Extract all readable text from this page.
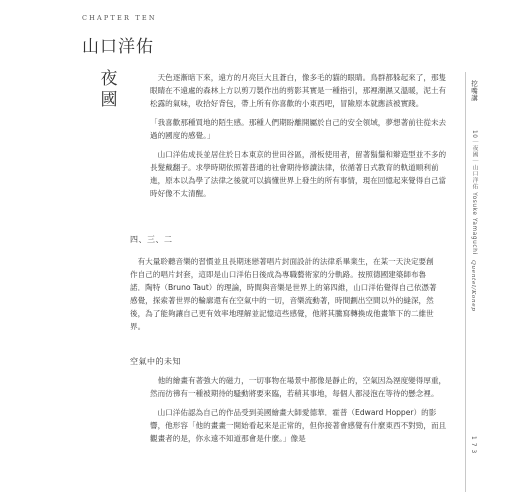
CHAPTER TEN
山口洋佑
夜國

天色逐漸暗下來，遠方的月亮巨大且蒼白，像多毛的貓的眼睛。鳥群都躲起來了，那隻眼睛在不遠處的森林上方以剪刀製作出的剪影其實是一種指引，那裡潮濕又溫暖，泥土有松露的氣味，收拾好背包，帶上所有你喜歡的小東西吧，冒險原本就應該被實踐。

「我喜歡那種買地的陌生感。那種人們期盼離開屬於自己的安全領域，夢想著前往從未去過的國度的感覺。」

山口洋佑成長並居住於日本東京的世田谷區，滑板使用者，留著鬍鬚和辮造型並不多的長髮戴翻子。求學時期依照著普通的社會期待修讀法律，依循著日式教育的軌道順利前進，原本以為學了法律之後就可以搞懂世界上發生的所有事情，現在回憶起來覺得自己當時好像不太清醒。

四、三、二

有大量聆聽音樂的習慣並且長期迷戀著唱片封面設計的法律系畢業生，在某一天決定要創作自己的唱片封套，這即是山口洋佑日後成為專職藝術家的分軌路。按照德國建築師布魯諾．陶特（Bruno Taut）的理論，時間與音樂是世界上的第四維，山口洋佑覺得自己依憑著感覺，探索著世界的輪廓還有在空氣中的一切，音樂流動著，時間劃出空間以外的縫深，然後，為了能夠讓自己更有效率地理解並記憶這些感覺，他將其騰寫轉換成他畫筆下的二維世界。

空氣中的未知

他的繪畫有著強大的磁力，一切事物在場景中都像是靜止的，空氣因為溼度變得厚重，然而彷彿有一種被期待的騷動將要來臨，若稍其事地，每個人都浸泡在等待的懸念裡。

山口洋佑認為自己的作品受到美國繪畫大師愛德華．霍普（Edward Hopper）的影響，他形容「他的畫畫一開始看起來是正常的，但你接著會感覺有什麼東西不對勁，而且觀畫者的是，你永遠不知道那會是什麼。」像是

挖嘴講
10｜夜國｜山口洋佑 Yosuke Yamaguchi
Quentel/Konep
1 7 3
